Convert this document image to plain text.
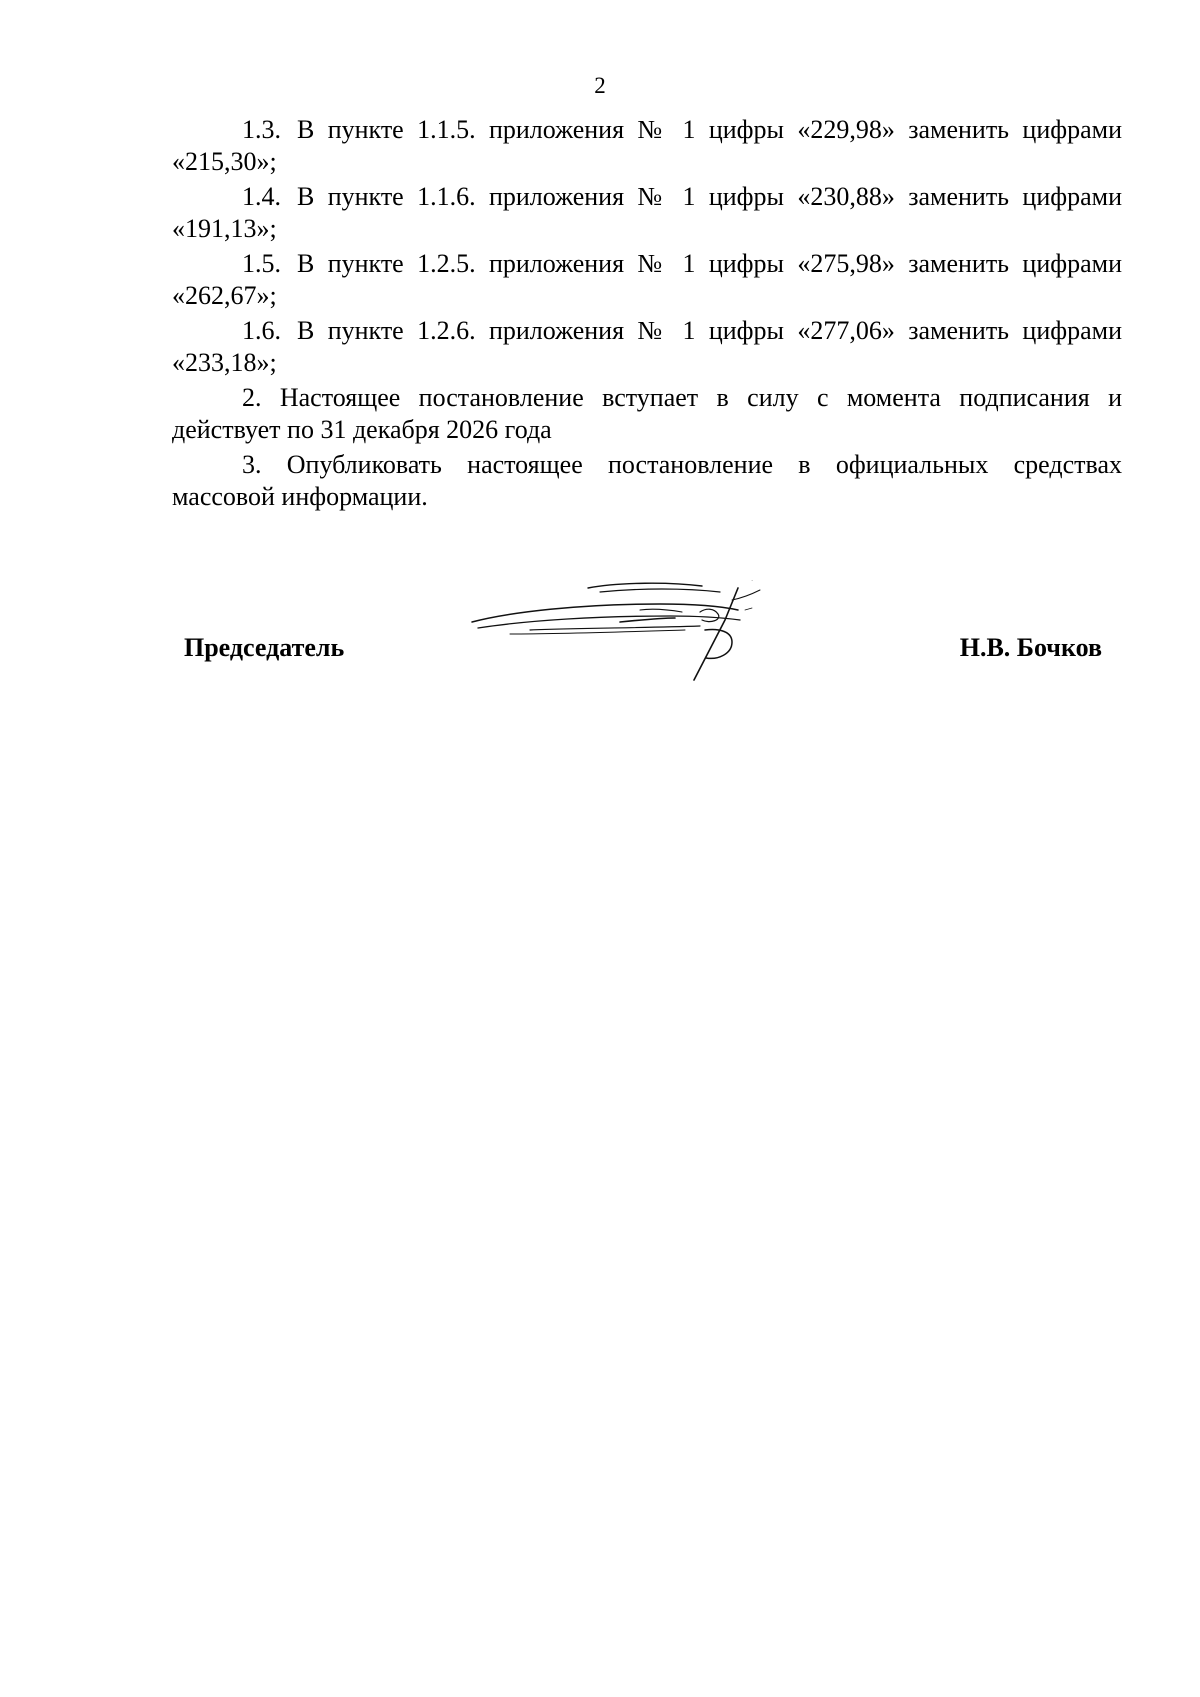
2
1.3. В пункте 1.1.5. приложения № 1 цифры «229,98» заменить цифрами
«215,30»;
1.4. В пункте 1.1.6. приложения № 1 цифры «230,88» заменить цифрами
«191,13»;
1.5. В пункте 1.2.5. приложения № 1 цифры «275,98» заменить цифрами
«262,67»;
1.6. В пункте 1.2.6. приложения № 1 цифры «277,06» заменить цифрами
«233,18»;
2. Настоящее постановление вступает в силу с момента подписания и
действует по 31 декабря 2026 года
3. Опубликовать настоящее постановление в официальных средствах
массовой информации.
Председатель	Н.В. Бочков
